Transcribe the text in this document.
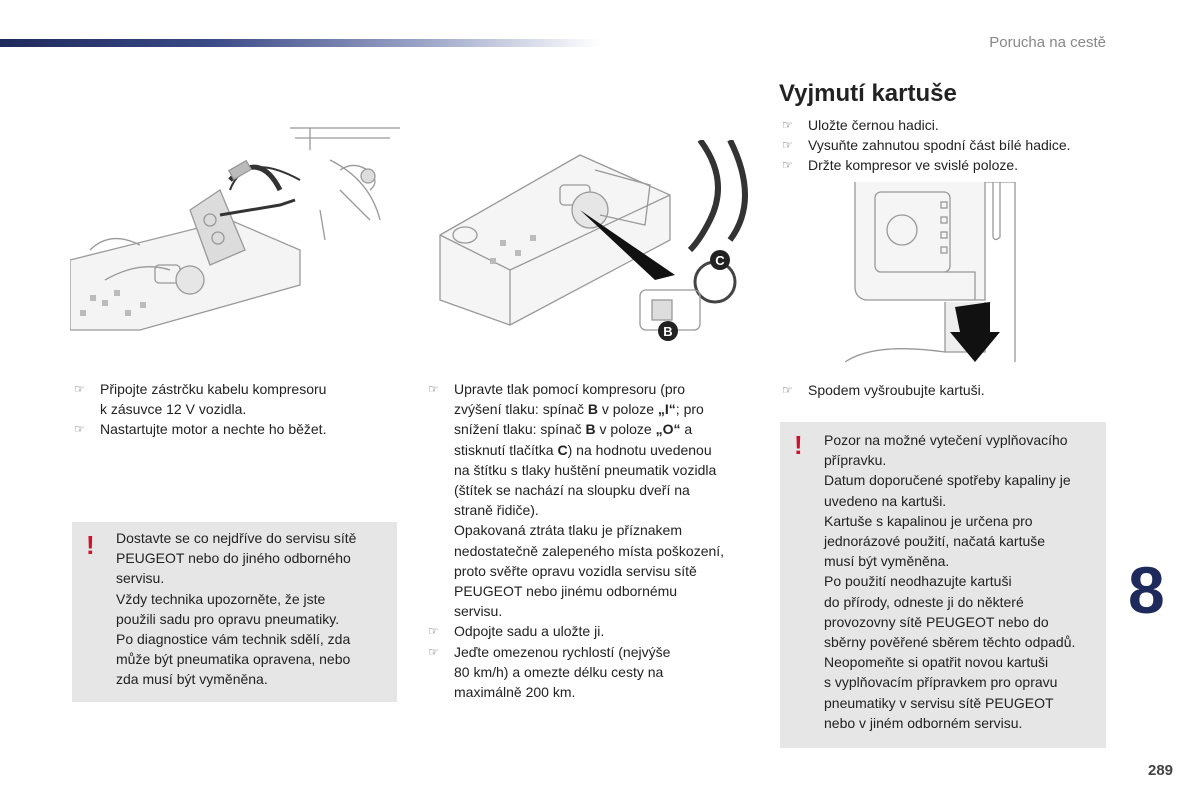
Porucha na cestě
C
B
Vyjmutí kartuše
☞ Uložte černou hadici.
☞ Vysuňte zahnutou spodní část bílé hadice.
☞ Držte kompresor ve svislé poloze.
☞ Spodem vyšroubujte kartuši.
! Pozor na možné vytečení vyplňovacího
přípravku.
Datum doporučené spotřeby kapaliny je
uvedeno na kartuši.
Kartuše s kapalinou je určena pro
jednorázové použití, načatá kartuše
musí být vyměněna.
Po použití neodhazujte kartuši
do přírody, odneste ji do některé
provozovny sítě PEUGEOT nebo do
sběrny pověřené sběrem těchto odpadů.
Neopomeňte si opatřit novou kartuši
s vyplňovacím přípravkem pro opravu
pneumatiky v servisu sítě PEUGEOT
nebo v jiném odborném servisu.
☞ Připojte zástrčku kabelu kompresoru
k zásuvce 12 V vozidla.
☞ Nastartujte motor a nechte ho běžet.
! Dostavte se co nejdříve do servisu sítě
PEUGEOT nebo do jiného odborného
servisu.
Vždy technika upozorněte, že jste
použili sadu pro opravu pneumatiky.
Po diagnostice vám technik sdělí, zda
může být pneumatika opravena, nebo
zda musí být vyměněna.
☞ Upravte tlak pomocí kompresoru (pro
zvýšení tlaku: spínač B v poloze „I“; pro
snížení tlaku: spínač B v poloze „O“ a
stisknutí tlačítka C) na hodnotu uvedenou
na štítku s tlaky huštění pneumatik vozidla
(štítek se nachází na sloupku dveří na
straně řidiče).
Opakovaná ztráta tlaku je příznakem
nedostatečně zalepeného místa poškození,
proto svěřte opravu vozidla servisu sítě
PEUGEOT nebo jinému odbornému
servisu.
☞ Odpojte sadu a uložte ji.
☞ Jeďte omezenou rychlostí (nejvýše
80 km/h) a omezte délku cesty na
maximálně 200 km.
8
289
